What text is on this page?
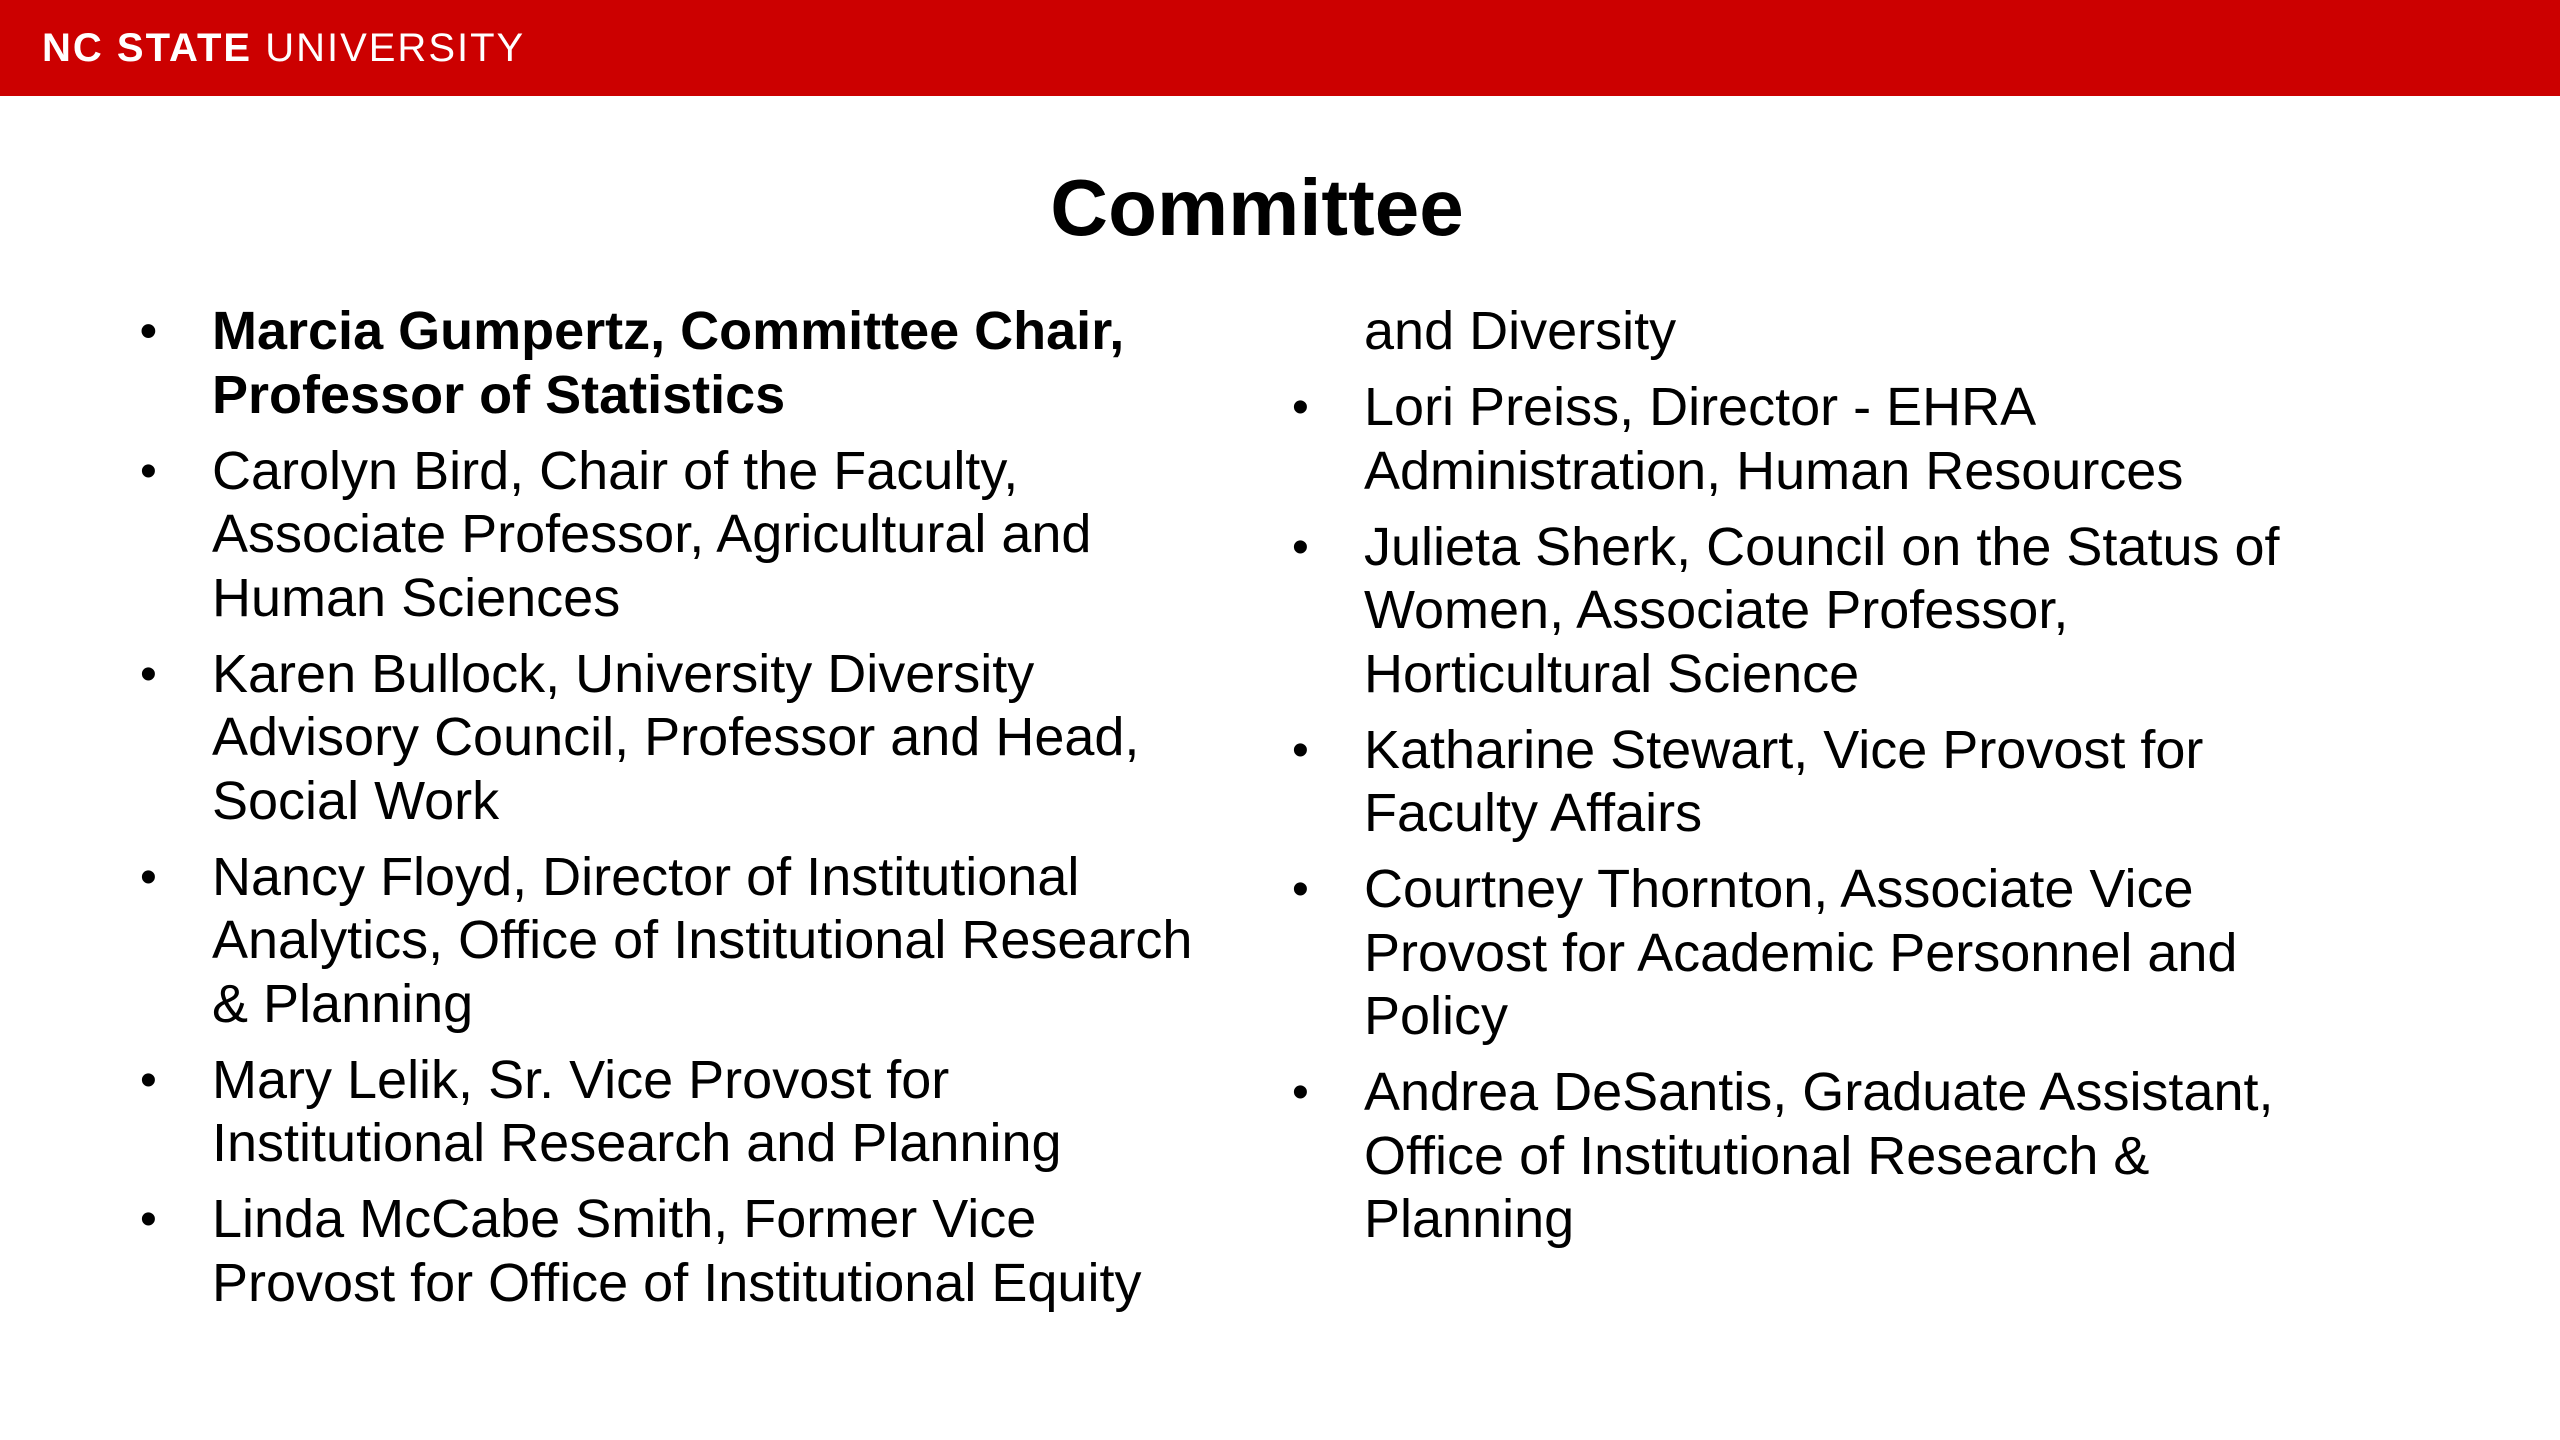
NC STATE UNIVERSITY
Committee
•	Marcia Gumpertz, Committee Chair,
Professor of Statistics
•	Carolyn Bird, Chair of the Faculty,
Associate Professor, Agricultural and
Human Sciences
•	Karen Bullock, University Diversity
Advisory Council, Professor and Head,
Social Work
•	Nancy Floyd, Director of Institutional
Analytics, Office of Institutional Research
& Planning
•	Mary Lelik, Sr. Vice Provost for
Institutional Research and Planning
•	Linda McCabe Smith, Former Vice
Provost for Office of Institutional Equity
and Diversity
•	Lori Preiss, Director - EHRA
Administration, Human Resources
•	Julieta Sherk, Council on the Status of
Women, Associate Professor,
Horticultural Science
•	Katharine Stewart, Vice Provost for
Faculty Affairs
•	Courtney Thornton, Associate Vice
Provost for Academic Personnel and
Policy
•	Andrea DeSantis, Graduate Assistant,
Office of Institutional Research &
Planning
